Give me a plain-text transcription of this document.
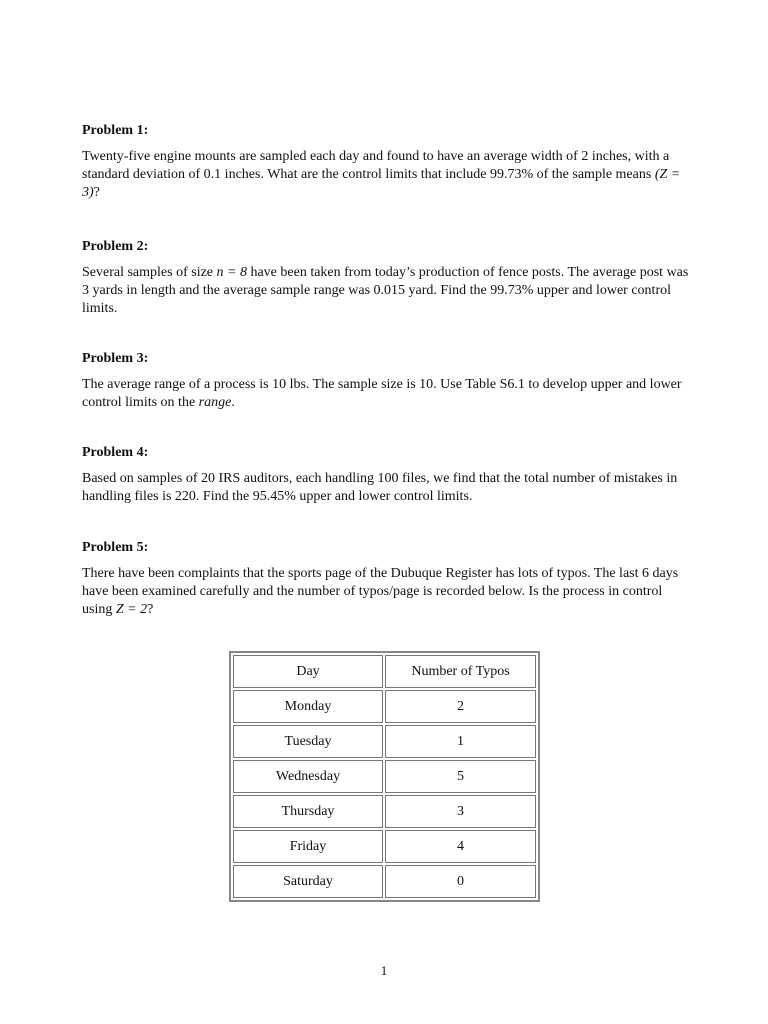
Problem 1:

Twenty-five engine mounts are sampled each day and found to have an average width of 2 inches, with a standard deviation of 0.1 inches. What are the control limits that include 99.73% of the sample means (Z = 3)?

Problem 2:

Several samples of size n = 8 have been taken from today’s production of fence posts. The average post was 3 yards in length and the average sample range was 0.015 yard. Find the 99.73% upper and lower control limits.

Problem 3:

The average range of a process is 10 lbs. The sample size is 10. Use Table S6.1 to develop upper and lower control limits on the range.

Problem 4:

Based on samples of 20 IRS auditors, each handling 100 files, we find that the total number of mistakes in handling files is 220. Find the 95.45% upper and lower control limits.

Problem 5:

There have been complaints that the sports page of the Dubuque Register has lots of typos. The last 6 days have been examined carefully and the number of typos/page is recorded below. Is the process in control using Z = 2?

Day	Number of Typos
Monday	2
Tuesday	1
Wednesday	5
Thursday	3
Friday	4
Saturday	0
1
